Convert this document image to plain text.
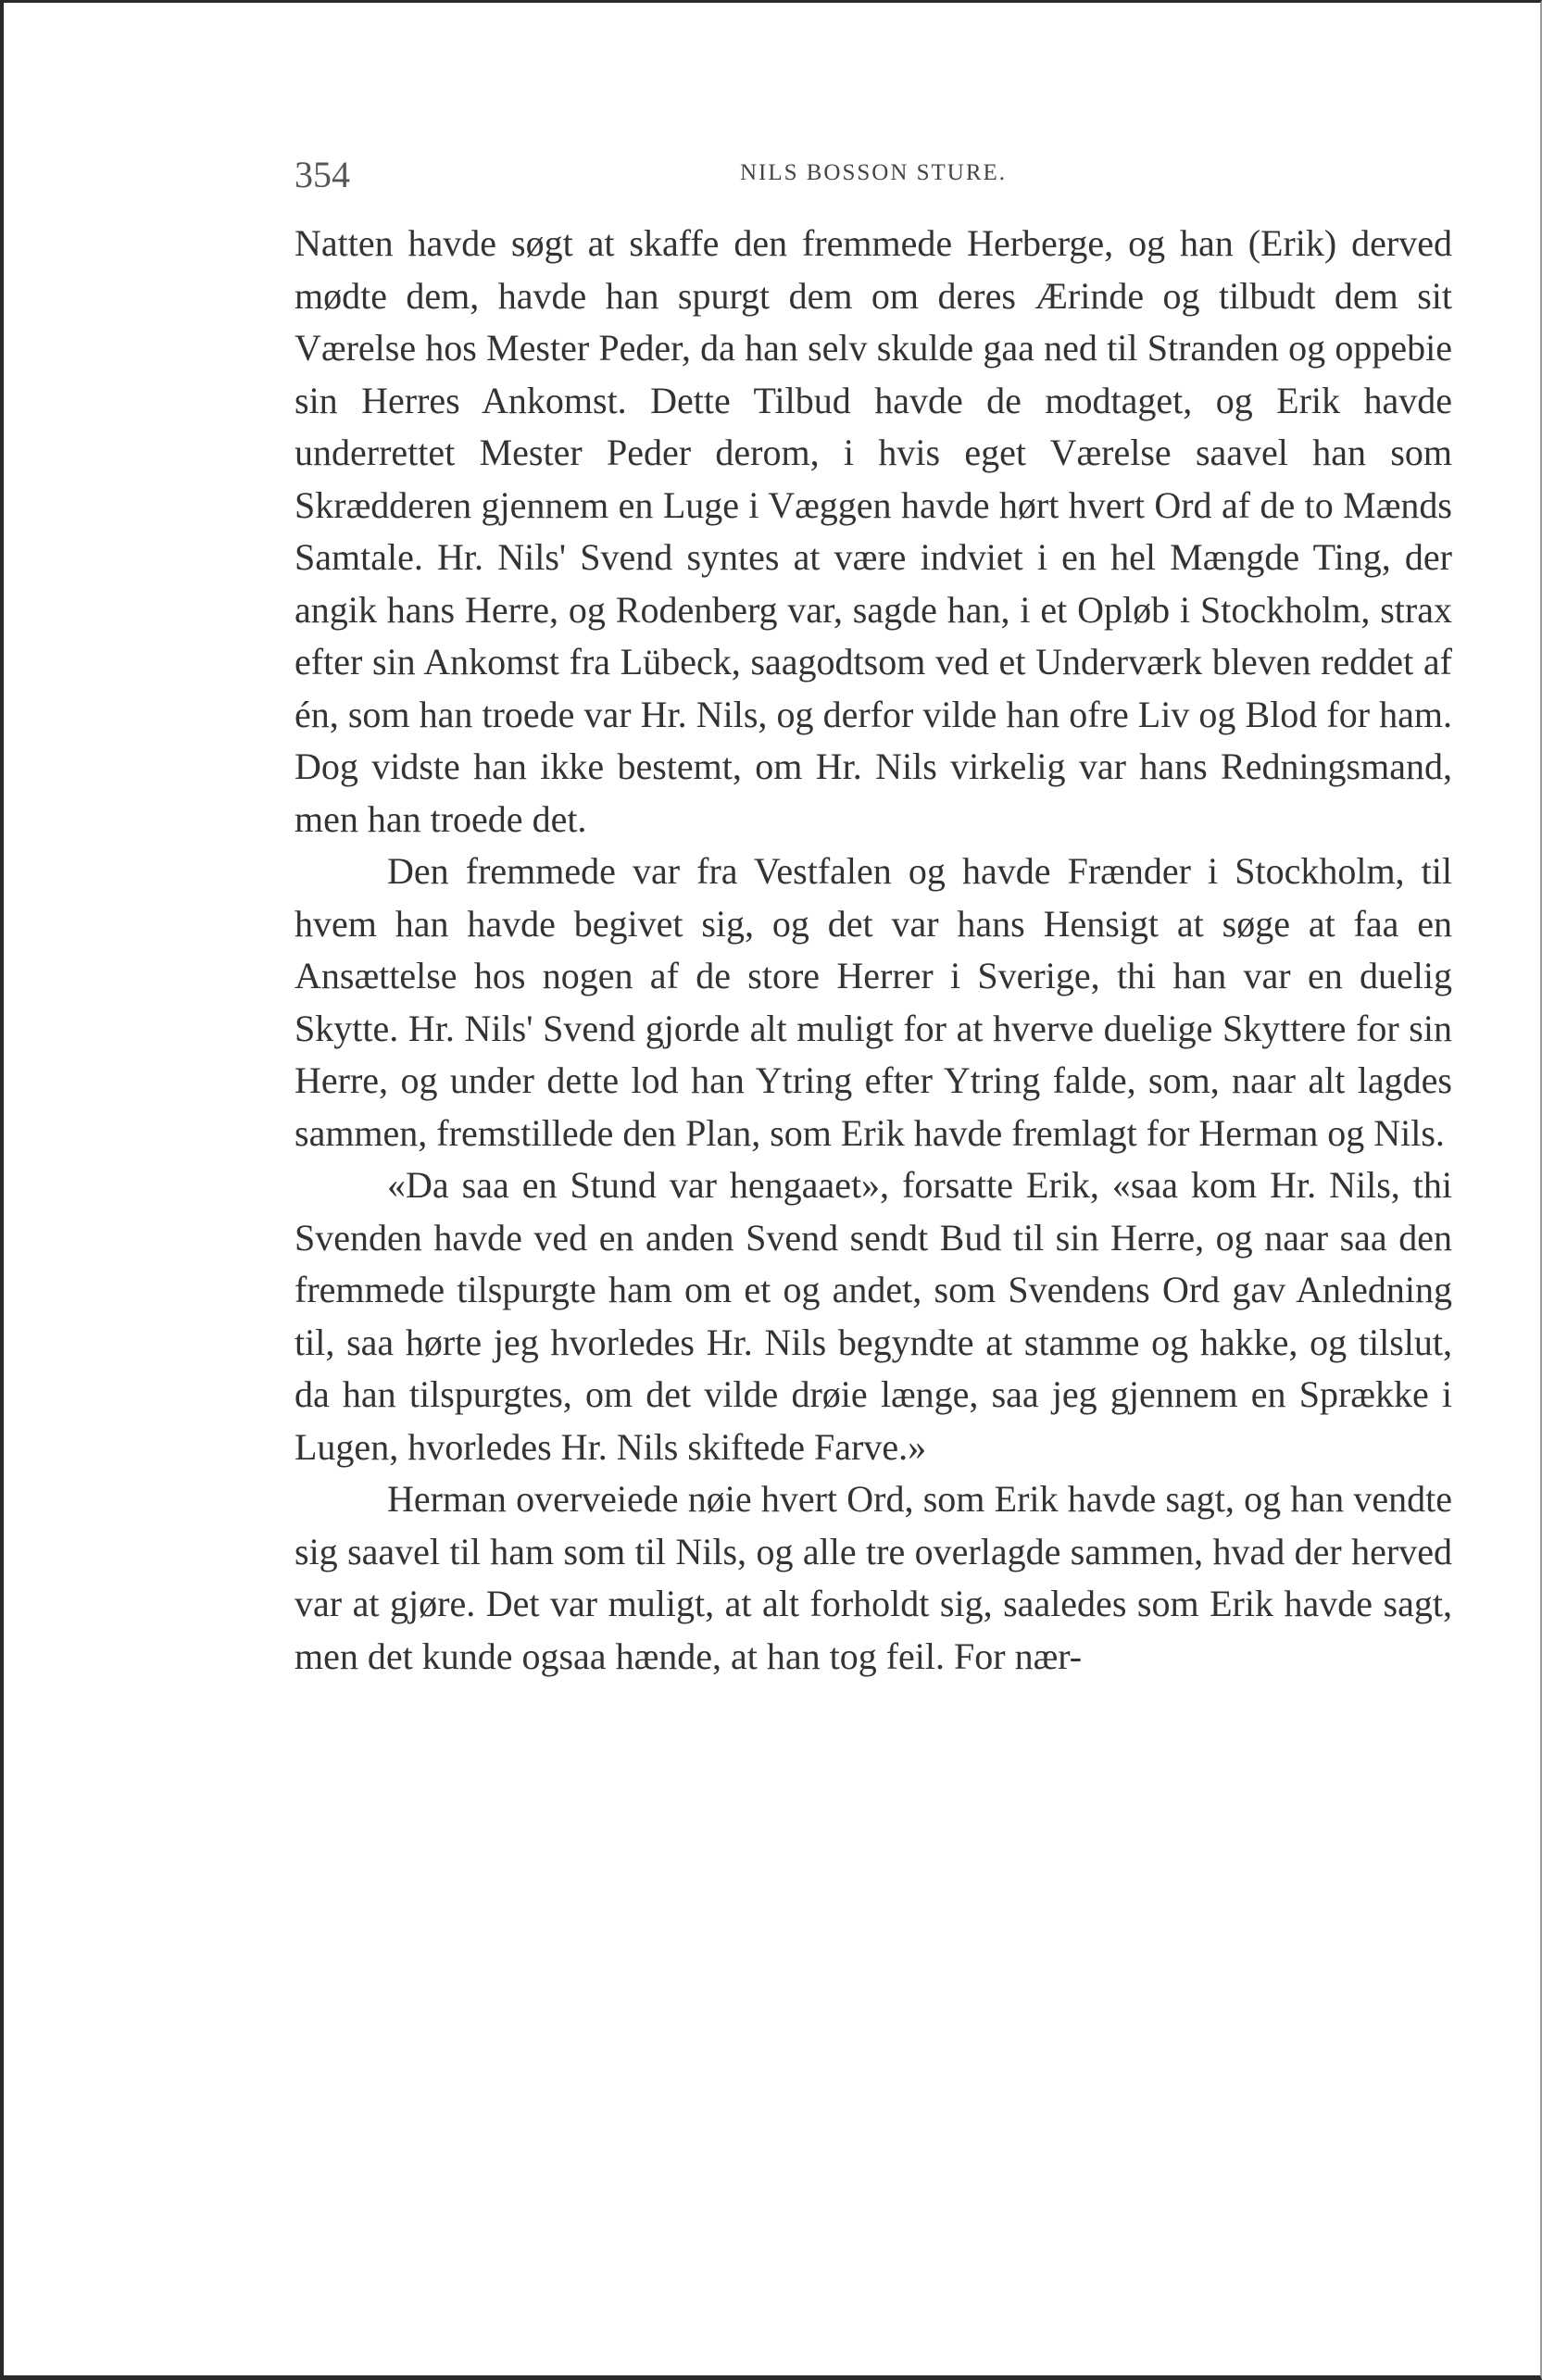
354	NILS BOSSON STURE.

Natten havde søgt at skaffe den fremmede Herberge, og han (Erik) derved mødte dem, havde han spurgt dem om deres Ærinde og tilbudt dem sit Værelse hos Mester Peder, da han selv skulde gaa ned til Stranden og oppebie sin Herres Ankomst. Dette Tilbud havde de modtaget, og Erik havde underrettet Mester Peder derom, i hvis eget Værelse saavel han som Skrædderen gjennem en Luge i Væggen havde hørt hvert Ord af de to Mænds Samtale. Hr. Nils' Svend syntes at være indviet i en hel Mængde Ting, der angik hans Herre, og Rodenberg var, sagde han, i et Opløb i Stockholm, strax efter sin Ankomst fra Lübeck, saagodtsom ved et Underværk bleven reddet af én, som han troede var Hr. Nils, og derfor vilde han ofre Liv og Blod for ham. Dog vidste han ikke bestemt, om Hr. Nils virkelig var hans Redningsmand, men han troede det.

Den fremmede var fra Vestfalen og havde Frænder i Stockholm, til hvem han havde begivet sig, og det var hans Hensigt at søge at faa en Ansættelse hos nogen af de store Herrer i Sverige, thi han var en duelig Skytte. Hr. Nils' Svend gjorde alt muligt for at hverve duelige Skyttere for sin Herre, og under dette lod han Ytring efter Ytring falde, som, naar alt lagdes sammen, fremstillede den Plan, som Erik havde fremlagt for Herman og Nils.

«Da saa en Stund var hengaaet», forsatte Erik, «saa kom Hr. Nils, thi Svenden havde ved en anden Svend sendt Bud til sin Herre, og naar saa den fremmede tilspurgte ham om et og andet, som Svendens Ord gav Anledning til, saa hørte jeg hvorledes Hr. Nils begyndte at stamme og hakke, og tilslut, da han tilspurgtes, om det vilde drøie længe, saa jeg gjennem en Sprække i Lugen, hvorledes Hr. Nils skiftede Farve.»

Herman overveiede nøie hvert Ord, som Erik havde sagt, og han vendte sig saavel til ham som til Nils, og alle tre overlagde sammen, hvad der herved var at gjøre. Det var muligt, at alt forholdt sig, saaledes som Erik havde sagt, men det kunde ogsaa hænde, at han tog feil. For nær-
